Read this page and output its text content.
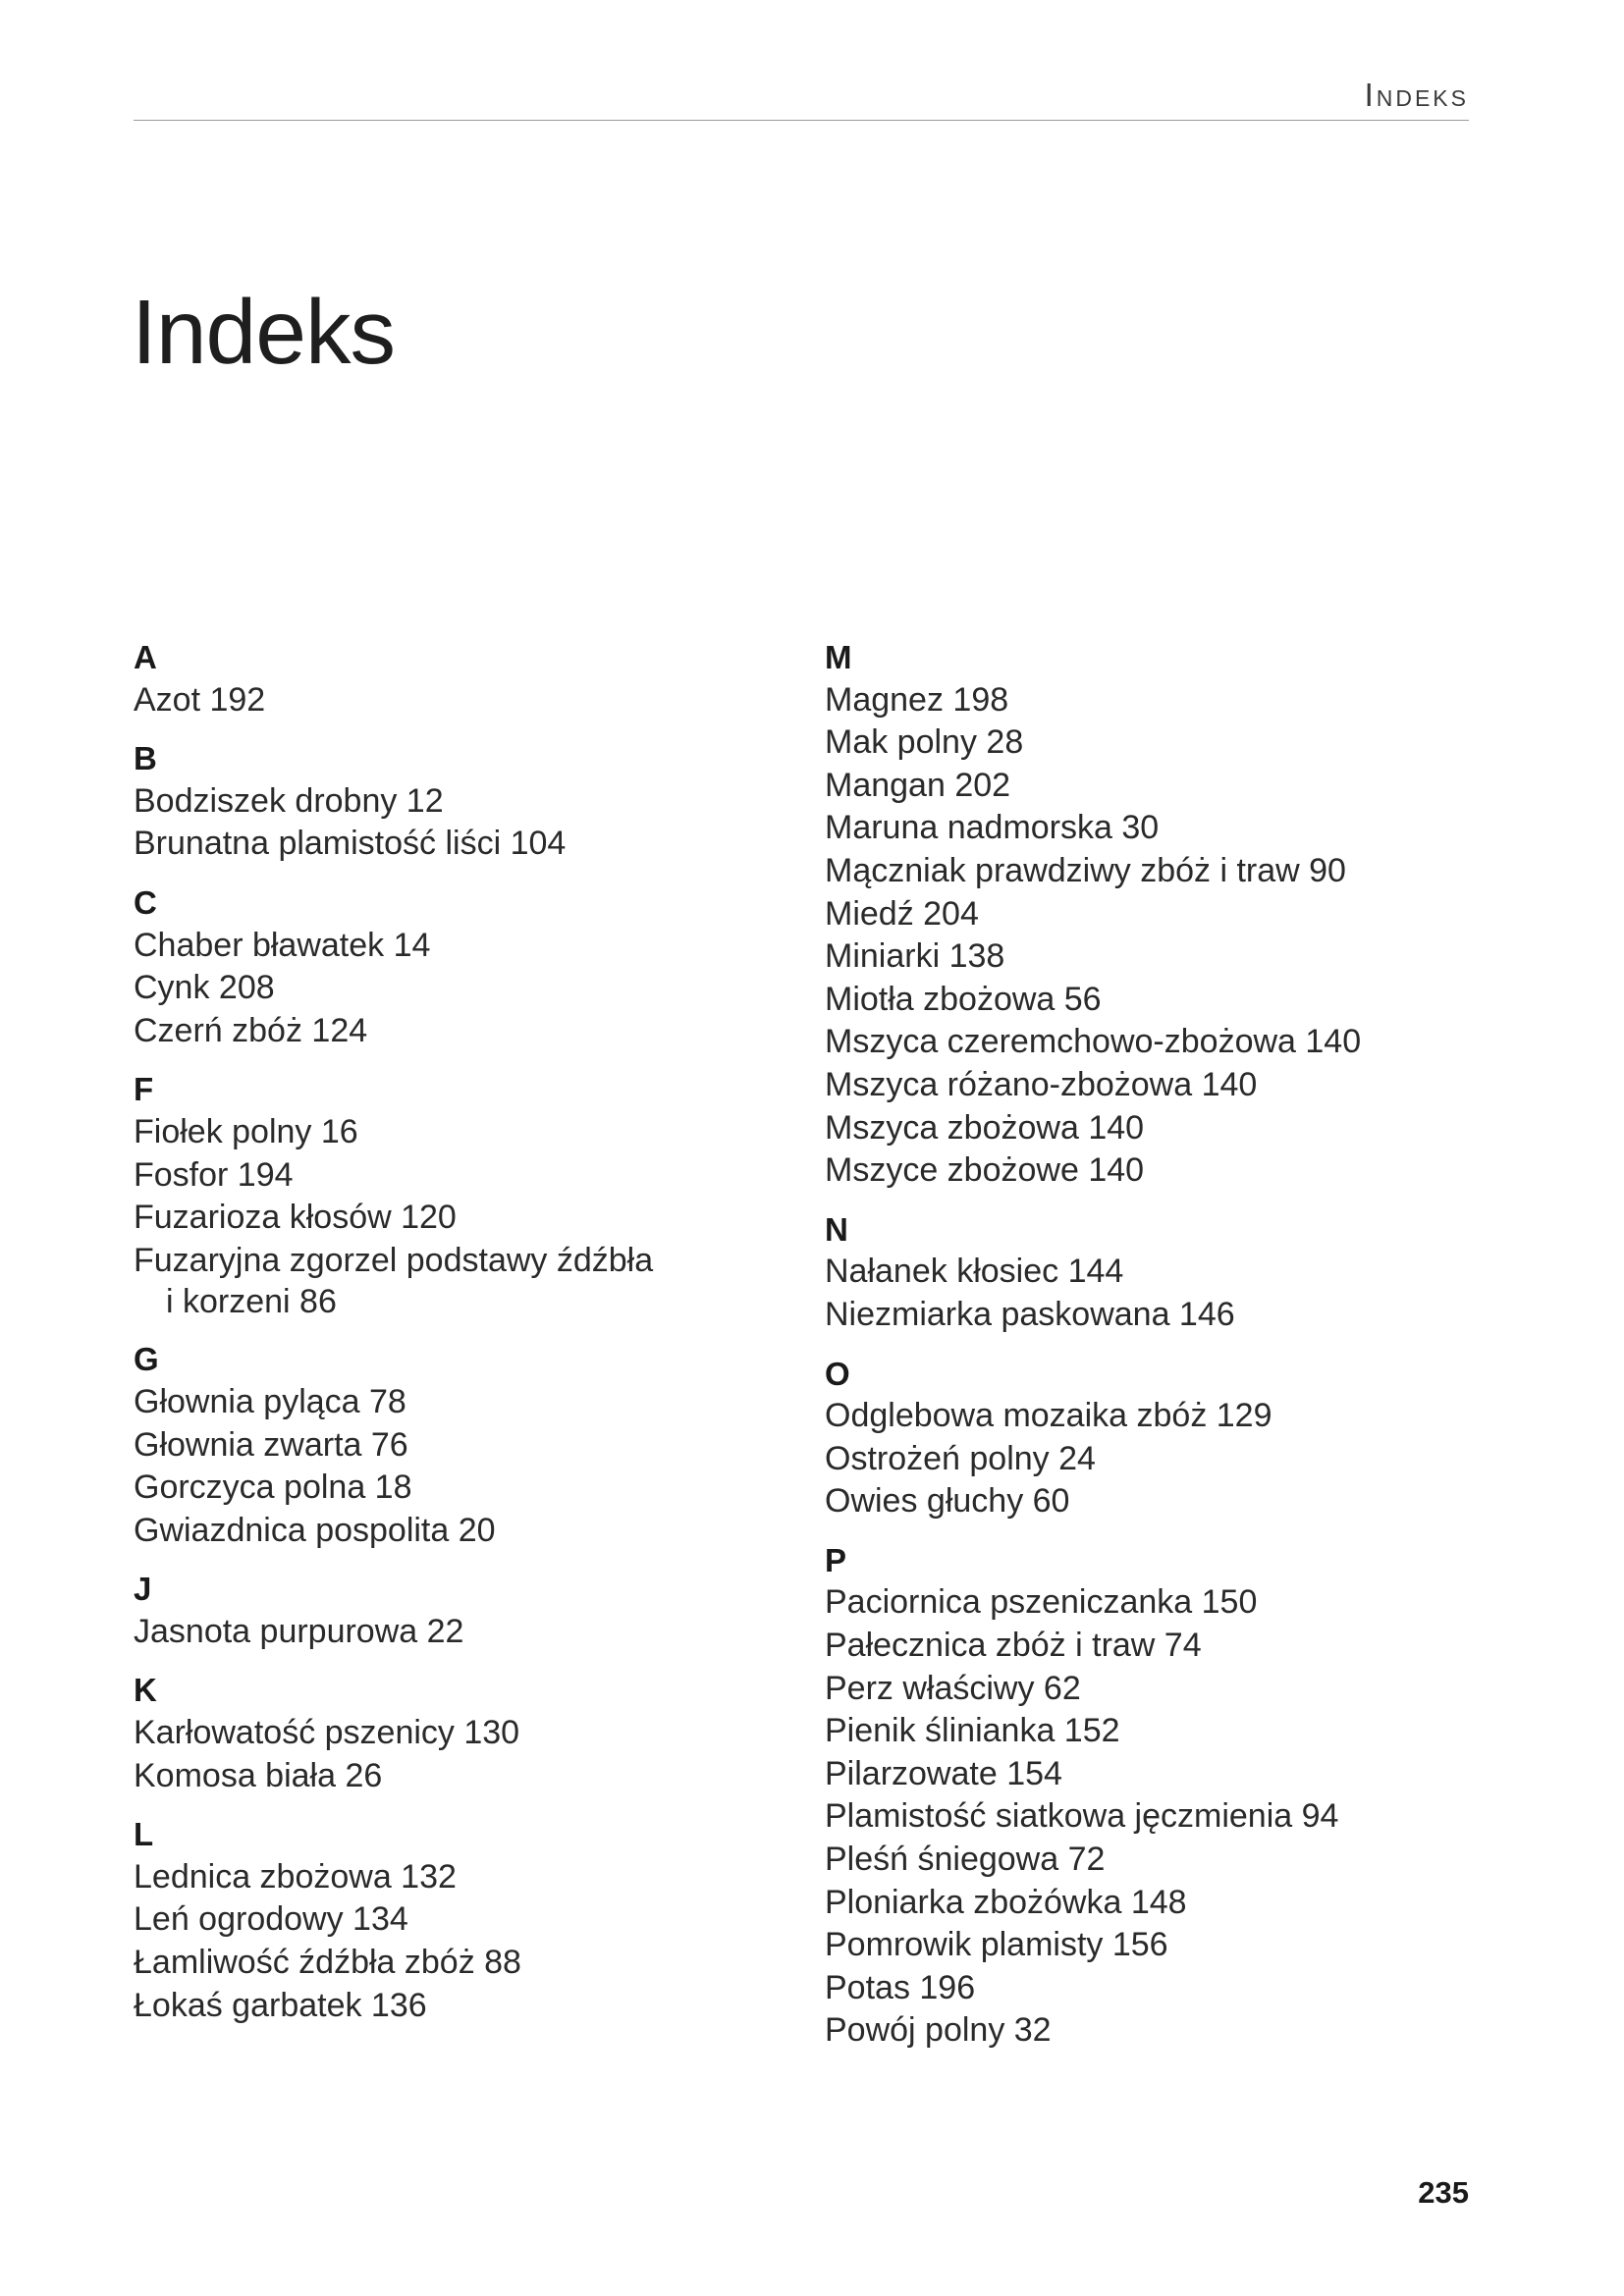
Indeks
Indeks
A
Azot 192
B
Bodziszek drobny 12
Brunatna plamistość liści 104
C
Chaber bławatek 14
Cynk 208
Czerń zbóż 124
F
Fiołek polny 16
Fosfor 194
Fuzarioza kłosów 120
Fuzaryjna zgorzel podstawy źdźbła
i korzeni 86
G
Głownia pyląca 78
Głownia zwarta 76
Gorczyca polna 18
Gwiazdnica pospolita 20
J
Jasnota purpurowa 22
K
Karłowatość pszenicy 130
Komosa biała 26
L
Lednica zbożowa 132
Leń ogrodowy 134
Łamliwość źdźbła zbóż 88
Łokaś garbatek 136
M
Magnez 198
Mak polny 28
Mangan 202
Maruna nadmorska 30
Mączniak prawdziwy zbóż i traw 90
Miedź 204
Miniarki 138
Miotła zbożowa 56
Mszyca czeremchowo-zbożowa 140
Mszyca różano-zbożowa 140
Mszyca zbożowa 140
Mszyce zbożowe 140
N
Nałanek kłosiec 144
Niezmiarka paskowana 146
O
Odglebowa mozaika zbóż 129
Ostrożeń polny 24
Owies głuchy 60
P
Paciornica pszeniczanka 150
Pałecznica zbóż i traw 74
Perz właściwy 62
Pienik ślinianka 152
Pilarzowate 154
Plamistość siatkowa jęczmienia 94
Pleśń śniegowa 72
Ploniarka zbożówka 148
Pomrowik plamisty 156
Potas 196
Powój polny 32
235
